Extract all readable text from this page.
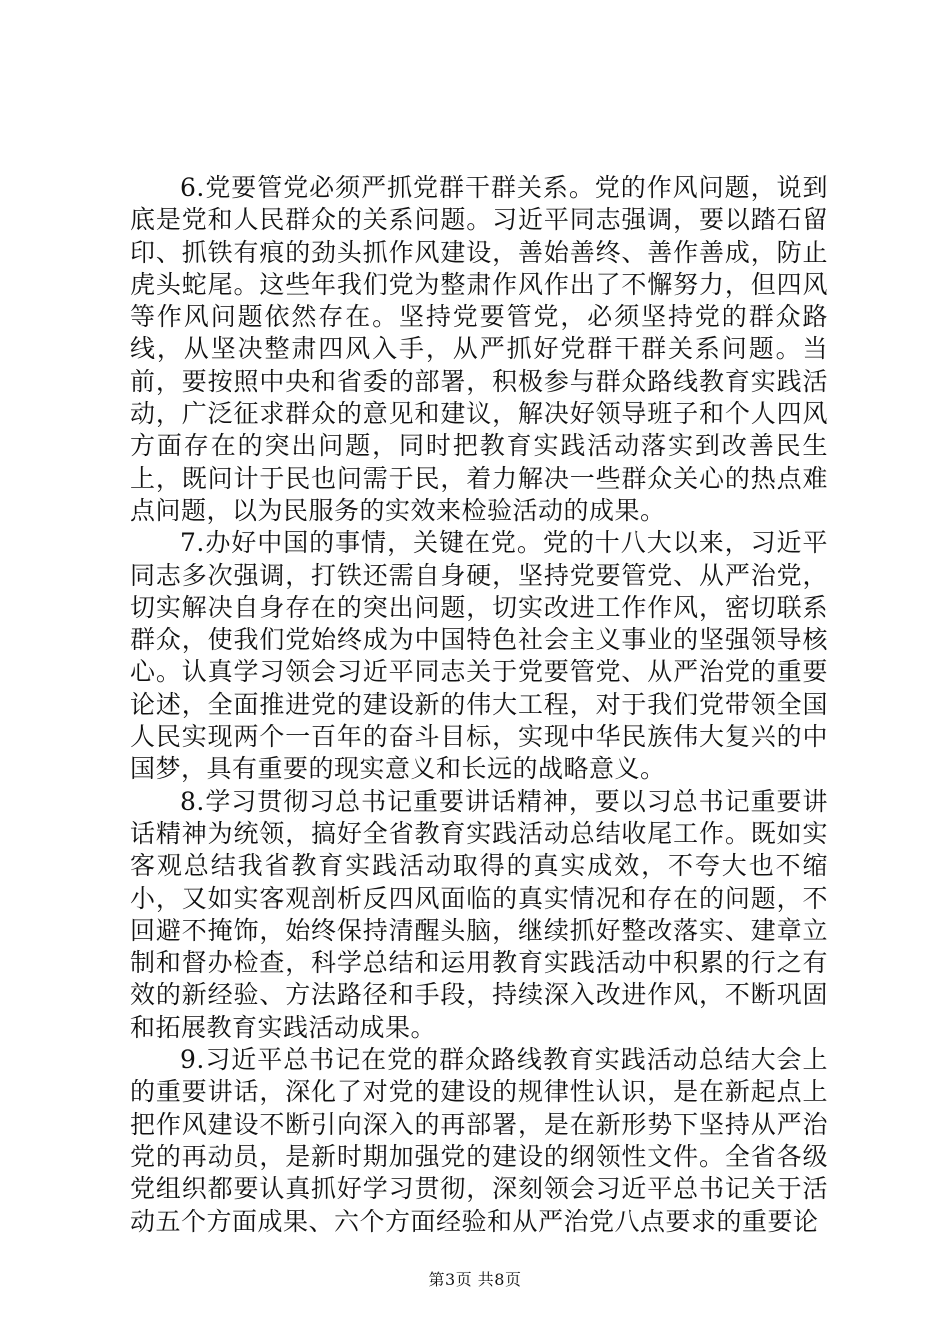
6.党要管党必须严抓党群干群关系。党的作风问题，说到底是党和人民群众的关系问题。习近平同志强调，要以踏石留印、抓铁有痕的劲头抓作风建设，善始善终、善作善成，防止虎头蛇尾。这些年我们党为整肃作风作出了不懈努力，但四风等作风问题依然存在。坚持党要管党，必须坚持党的群众路线，从坚决整肃四风入手，从严抓好党群干群关系问题。当前，要按照中央和省委的部署，积极参与群众路线教育实践活动，广泛征求群众的意见和建议，解决好领导班子和个人四风方面存在的突出问题，同时把教育实践活动落实到改善民生上，既问计于民也问需于民，着力解决一些群众关心的热点难点问题，以为民服务的实效来检验活动的成果。

7.办好中国的事情，关键在党。党的十八大以来，习近平同志多次强调，打铁还需自身硬，坚持党要管党、从严治党，切实解决自身存在的突出问题，切实改进工作作风，密切联系群众，使我们党始终成为中国特色社会主义事业的坚强领导核心。认真学习领会习近平同志关于党要管党、从严治党的重要论述，全面推进党的建设新的伟大工程，对于我们党带领全国人民实现两个一百年的奋斗目标，实现中华民族伟大复兴的中国梦，具有重要的现实意义和长远的战略意义。

8.学习贯彻习总书记重要讲话精神，要以习总书记重要讲话精神为统领，搞好全省教育实践活动总结收尾工作。既如实客观总结我省教育实践活动取得的真实成效，不夸大也不缩小，又如实客观剖析反四风面临的真实情况和存在的问题，不回避不掩饰，始终保持清醒头脑，继续抓好整改落实、建章立制和督办检查，科学总结和运用教育实践活动中积累的行之有效的新经验、方法路径和手段，持续深入改进作风，不断巩固和拓展教育实践活动成果。

9.习近平总书记在党的群众路线教育实践活动总结大会上的重要讲话，深化了对党的建设的规律性认识，是在新起点上把作风建设不断引向深入的再部署，是在新形势下坚持从严治党的再动员，是新时期加强党的建设的纲领性文件。全省各级党组织都要认真抓好学习贯彻，深刻领会习近平总书记关于活动五个方面成果、六个方面经验和从严治党八点要求的重要论

第3页 共8页
